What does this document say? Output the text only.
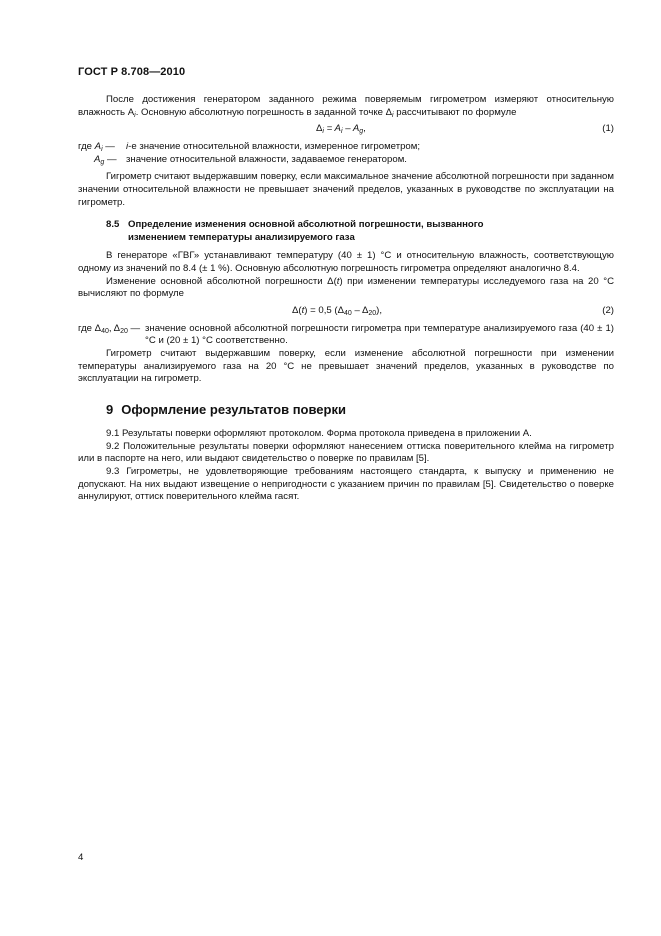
ГОСТ Р 8.708—2010

После достижения генератором заданного режима поверяемым гигрометром измеряют относительную влажность $A_i$. Основную абсолютную погрешность в заданной точке $\Delta_i$ рассчитывают по формуле

$\Delta_i = A_i - A_g$,	(1)
где $A_i$ —	i-е значение относительной влажности, измеренное гигрометром;
$A_g$ — значение относительной влажности, задаваемое генератором.

Гигрометр считают выдержавшим поверку, если максимальное значение абсолютной погрешности при заданном значении относительной влажности не превышает значений пределов, указанных в руководстве по эксплуатации на гигрометр.

8.5 Определение изменения основной абсолютной погрешности, вызванного
изменением температуры анализируемого газа

В генераторе «ГВГ» устанавливают температуру (40 ± 1) °С и относительную влажность, соответствующую одному из значений по 8.4 (± 1 %). Основную абсолютную погрешность гигрометра определяют аналогично 8.4.

Изменение основной абсолютной погрешности Δ(t) при изменении температуры исследуемого газа на 20 °С вычисляют по формуле

Δ(t) = 0,5 $(\Delta_{40} - \Delta_{20})$,	(2)
где $\Delta_{40}$, $\Delta_{20}$ — значение основной абсолютной погрешности гигрометра при температуре анализируемого газа (40 ± 1) °С и (20 ± 1) °С соответственно.

Гигрометр считают выдержавшим поверку, если изменение абсолютной погрешности при изменении температуры анализируемого газа на 20 °С не превышает значений пределов, указанных в руководстве по эксплуатации на гигрометр.

9 Оформление результатов поверки

9.1 Результаты поверки оформляют протоколом. Форма протокола приведена в приложении А.

9.2 Положительные результаты поверки оформляют нанесением оттиска поверительного клейма на гигрометр или в паспорте на него, или выдают свидетельство о поверке по правилам [5].

9.3 Гигрометры, не удовлетворяющие требованиям настоящего стандарта, к выпуску и применению не допускают. На них выдают извещение о непригодности с указанием причин по правилам [5]. Свидетельство о поверке аннулируют, оттиск поверительного клейма гасят.

4
